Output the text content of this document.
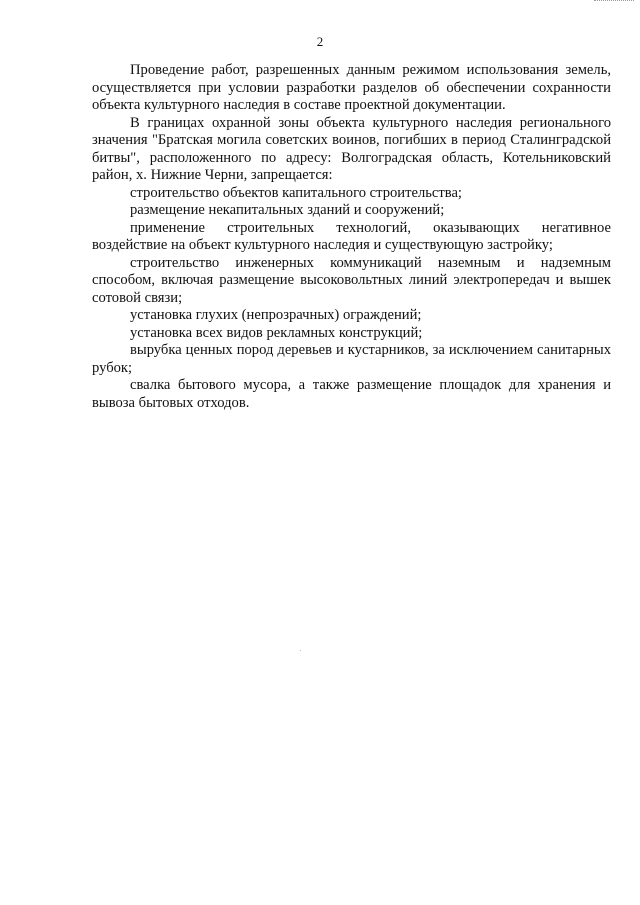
2

Проведение работ, разрешенных данным режимом использования земель, осуществляется при условии разработки разделов об обеспечении сохранности объекта культурного наследия в составе проектной документации.

В границах охранной зоны объекта культурного наследия регионального значения "Братская могила советских воинов, погибших в период Сталинградской битвы", расположенного по адресу: Волгоградская область, Котельниковский район, х. Нижние Черни, запрещается:

строительство объектов капитального строительства;

размещение некапитальных зданий и сооружений;

применение строительных технологий, оказывающих негативное воздействие на объект культурного наследия и существующую застройку;

строительство инженерных коммуникаций наземным и надземным способом, включая размещение высоковольтных линий электропередач и вышек сотовой связи;

установка глухих (непрозрачных) ограждений;

установка всех видов рекламных конструкций;

вырубка ценных пород деревьев и кустарников, за исключением санитарных рубок;

свалка бытового мусора, а также размещение площадок для хранения и вывоза бытовых отходов.
